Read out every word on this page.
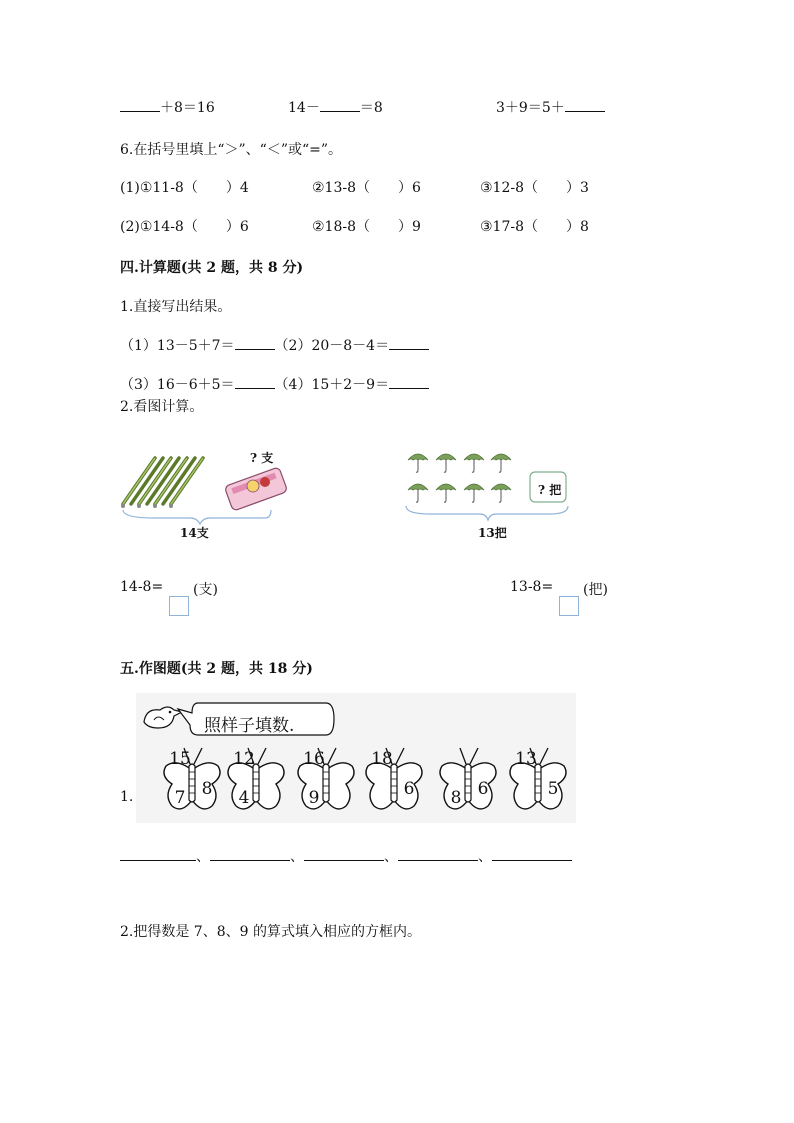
＋8＝16	14－	＝8	3＋9＝5＋
6.在括号里填上“＞”、“＜”或“=”。
(1)①11-8（　　）4	②13-8（　　）6	③12-8（　　）3
(2)①14-8（　　）6	②18-8（　　）9	③17-8（　　）8
四.计算题(共 2 题，共 8 分)
1.直接写出结果。
（1）13－5＋7＝	（2）20－8－4＝
（3）16－6＋5＝	（4）15＋2－9＝
2.看图计算。
? 支
14支
? 把
13把
14-8= (支)	13-8= (把)
五.作图题(共 2 题，共 18 分)
照样子填数.
1.
15
7 8
12
4
16
9
18
6 8 6
13
5
、	、	、	、
2.把得数是 7、8、9 的算式填入相应的方框内。
